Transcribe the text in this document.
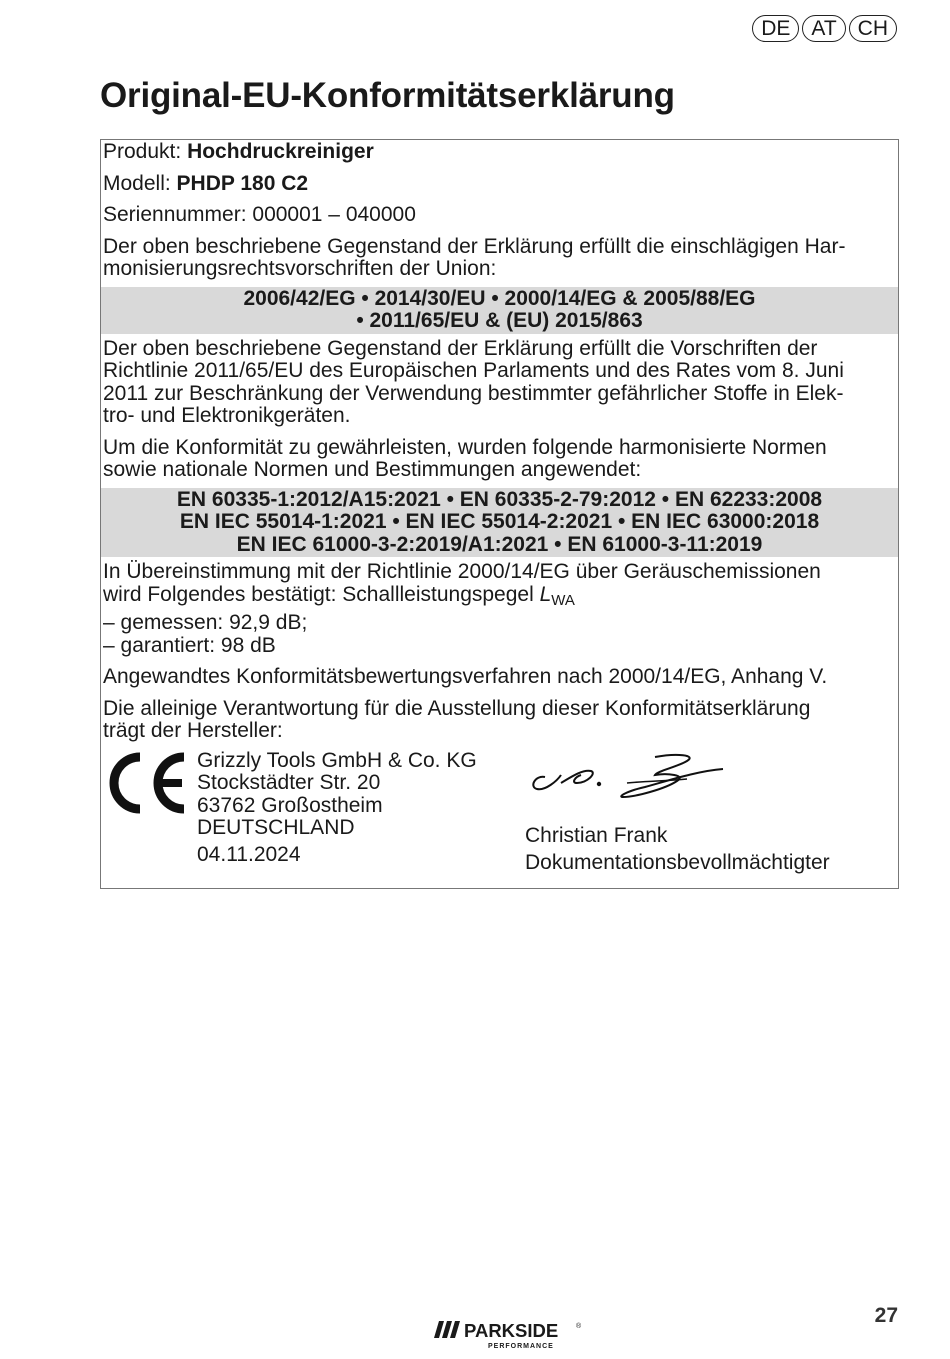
DE	AT	CH
Original-EU-Konformitätserklärung
Produkt: Hochdruckreiniger
Modell: PHDP 180 C2
Seriennummer: 000001 – 040000
Der oben beschriebene Gegenstand der Erklärung erfüllt die einschlägigen Har-
monisierungsrechtsvorschriften der Union:
2006/42/EG • 2014/30/EU • 2000/14/EG & 2005/88/EG
• 2011/65/EU & (EU) 2015/863
Der oben beschriebene Gegenstand der Erklärung erfüllt die Vorschriften der
Richtlinie 2011/65/EU des Europäischen Parlaments und des Rates vom 8. Juni
2011 zur Beschränkung der Verwendung bestimmter gefährlicher Stoffe in Elek-
tro- und Elektronikgeräten.
Um die Konformität zu gewährleisten, wurden folgende harmonisierte Normen
sowie nationale Normen und Bestimmungen angewendet:
EN 60335-1:2012/A15:2021 • EN 60335-2-79:2012 • EN 62233:2008
EN IEC 55014-1:2021 • EN IEC 55014-2:2021 • EN IEC 63000:2018
EN IEC 61000-3-2:2019/A1:2021 • EN 61000-3-11:2019
In Übereinstimmung mit der Richtlinie 2000/14/EG über Geräuschemissionen
wird Folgendes bestätigt: Schallleistungspegel $L_{WA}$
– gemessen: 92,9 dB;
– garantiert: 98 dB
Angewandtes Konformitätsbewertungsverfahren nach 2000/14/EG, Anhang V.
Die alleinige Verantwortung für die Ausstellung dieser Konformitätserklärung
trägt der Hersteller:
Grizzly Tools GmbH & Co. KG
Stockstädter Str. 20
63762 Großostheim
DEUTSCHLAND
04.11.2024
Christian Frank
Dokumentationsbevollmächtigter
PARKSIDE	®
PERFORMANCE
27
